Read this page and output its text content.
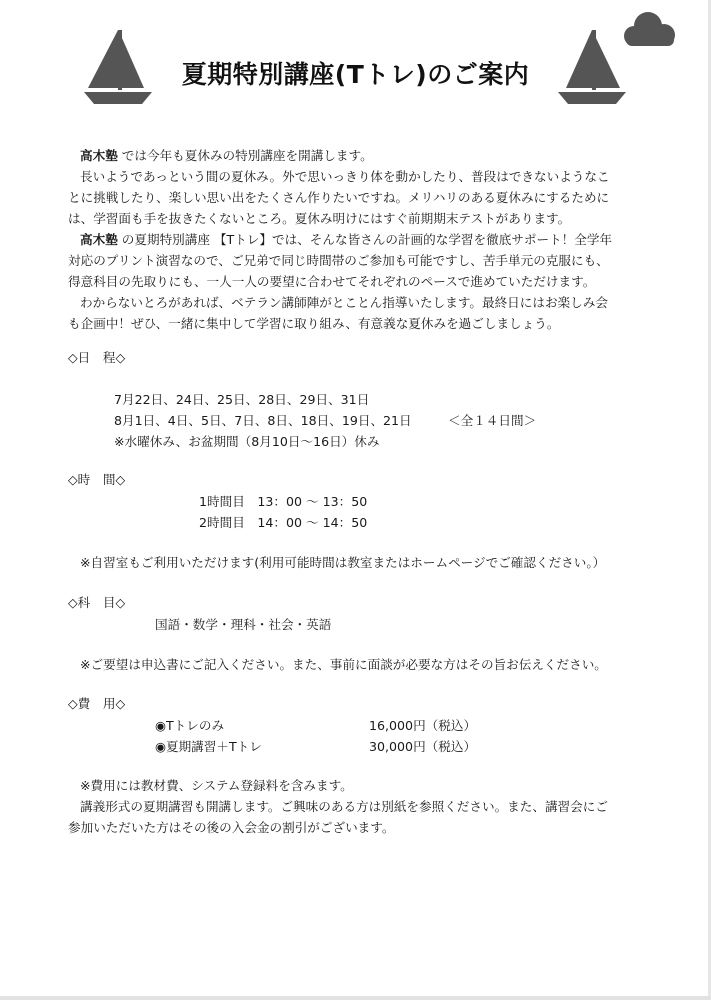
夏期特別講座(Tトレ)のご案内
高木塾 では今年も夏休みの特別講座を開講します。
長いようであっという間の夏休み。外で思いっきり体を動かしたり、普段はできないようなこ
とに挑戦したり、楽しい思い出をたくさん作りたいですね。メリハリのある夏休みにするために
は、学習面も手を抜きたくないところ。夏休み明けにはすぐ前期期末テストがあります。
高木塾 の夏期特別講座 【Tトレ】では、そんな皆さんの計画的な学習を徹底サポート！全学年
対応のプリント演習なので、ご兄弟で同じ時間帯のご参加も可能ですし、苦手単元の克服にも、
得意科目の先取りにも、一人一人の要望に合わせてそれぞれのペースで進めていただけます。
わからないとろがあれば、ベテラン講師陣がとことん指導いたします。最終日にはお楽しみ会
も企画中！ぜひ、一緒に集中して学習に取り組み、有意義な夏休みを過ごしましょう。
◇日　程◇
7月22日、24日、25日、28日、29日、31日
8月1日、4日、5日、7日、8日、18日、19日、21日	＜全１４日間＞
※水曜休み、お盆期間（8月10日〜16日）休み
◇時　間◇
1時間目　13：00 〜 13：50
2時間目　14：00 〜 14：50
※自習室もご利用いただけます(利用可能時間は教室またはホームページでご確認ください。）
◇科　目◇
国語・数学・理科・社会・英語
※ご要望は申込書にご記入ください。また、事前に面談が必要な方はその旨お伝えください。
◇費　用◇
◉Tトレのみ	16,000円（税込）
◉夏期講習＋Tトレ	30,000円（税込）
※費用には教材費、システム登録料を含みます。
講義形式の夏期講習も開講します。ご興味のある方は別紙を参照ください。また、講習会にご
参加いただいた方はその後の入会金の割引がございます。
